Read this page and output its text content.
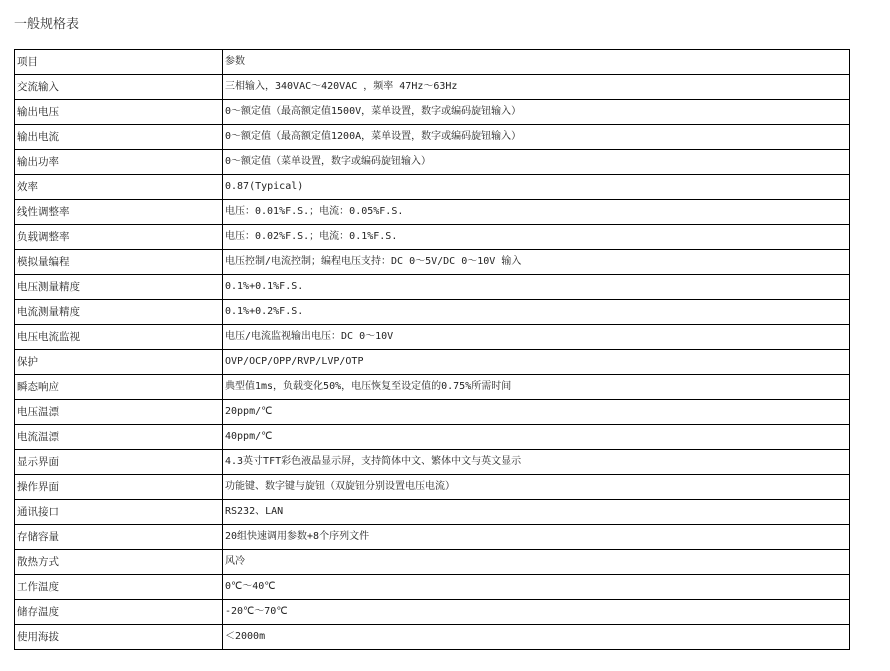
一般规格表
项目	参数
交流输入	三相输入，340VAC～420VAC ，频率 47Hz～63Hz
输出电压	0～额定值（最高额定值1500V，菜单设置，数字或编码旋钮输入）
输出电流	0～额定值（最高额定值1200A，菜单设置，数字或编码旋钮输入）
输出功率	0～额定值（菜单设置，数字或编码旋钮输入）
效率	0.87(Typical)
线性调整率	电压：0.01%F.S.；电流：0.05%F.S.
负载调整率	电压：0.02%F.S.；电流：0.1%F.S.
模拟量编程	电压控制/电流控制；编程电压支持：DC 0～5V/DC 0～10V 输入
电压测量精度	0.1%+0.1%F.S.
电流测量精度	0.1%+0.2%F.S.
电压电流监视	电压/电流监视输出电压：DC 0～10V
保护	OVP/OCP/OPP/RVP/LVP/OTP
瞬态响应	典型值1ms，负载变化50%，电压恢复至设定值的0.75%所需时间
电压温漂	20ppm/℃
电流温漂	40ppm/℃
显示界面	4.3英寸TFT彩色液晶显示屏，支持简体中文、繁体中文与英文显示
操作界面	功能键、数字键与旋钮（双旋钮分别设置电压电流）
通讯接口	RS232、LAN
存储容量	20组快速调用参数+8个序列文件
散热方式	风冷
工作温度	0℃～40℃
储存温度	-20℃～70℃
使用海拔	＜2000m
